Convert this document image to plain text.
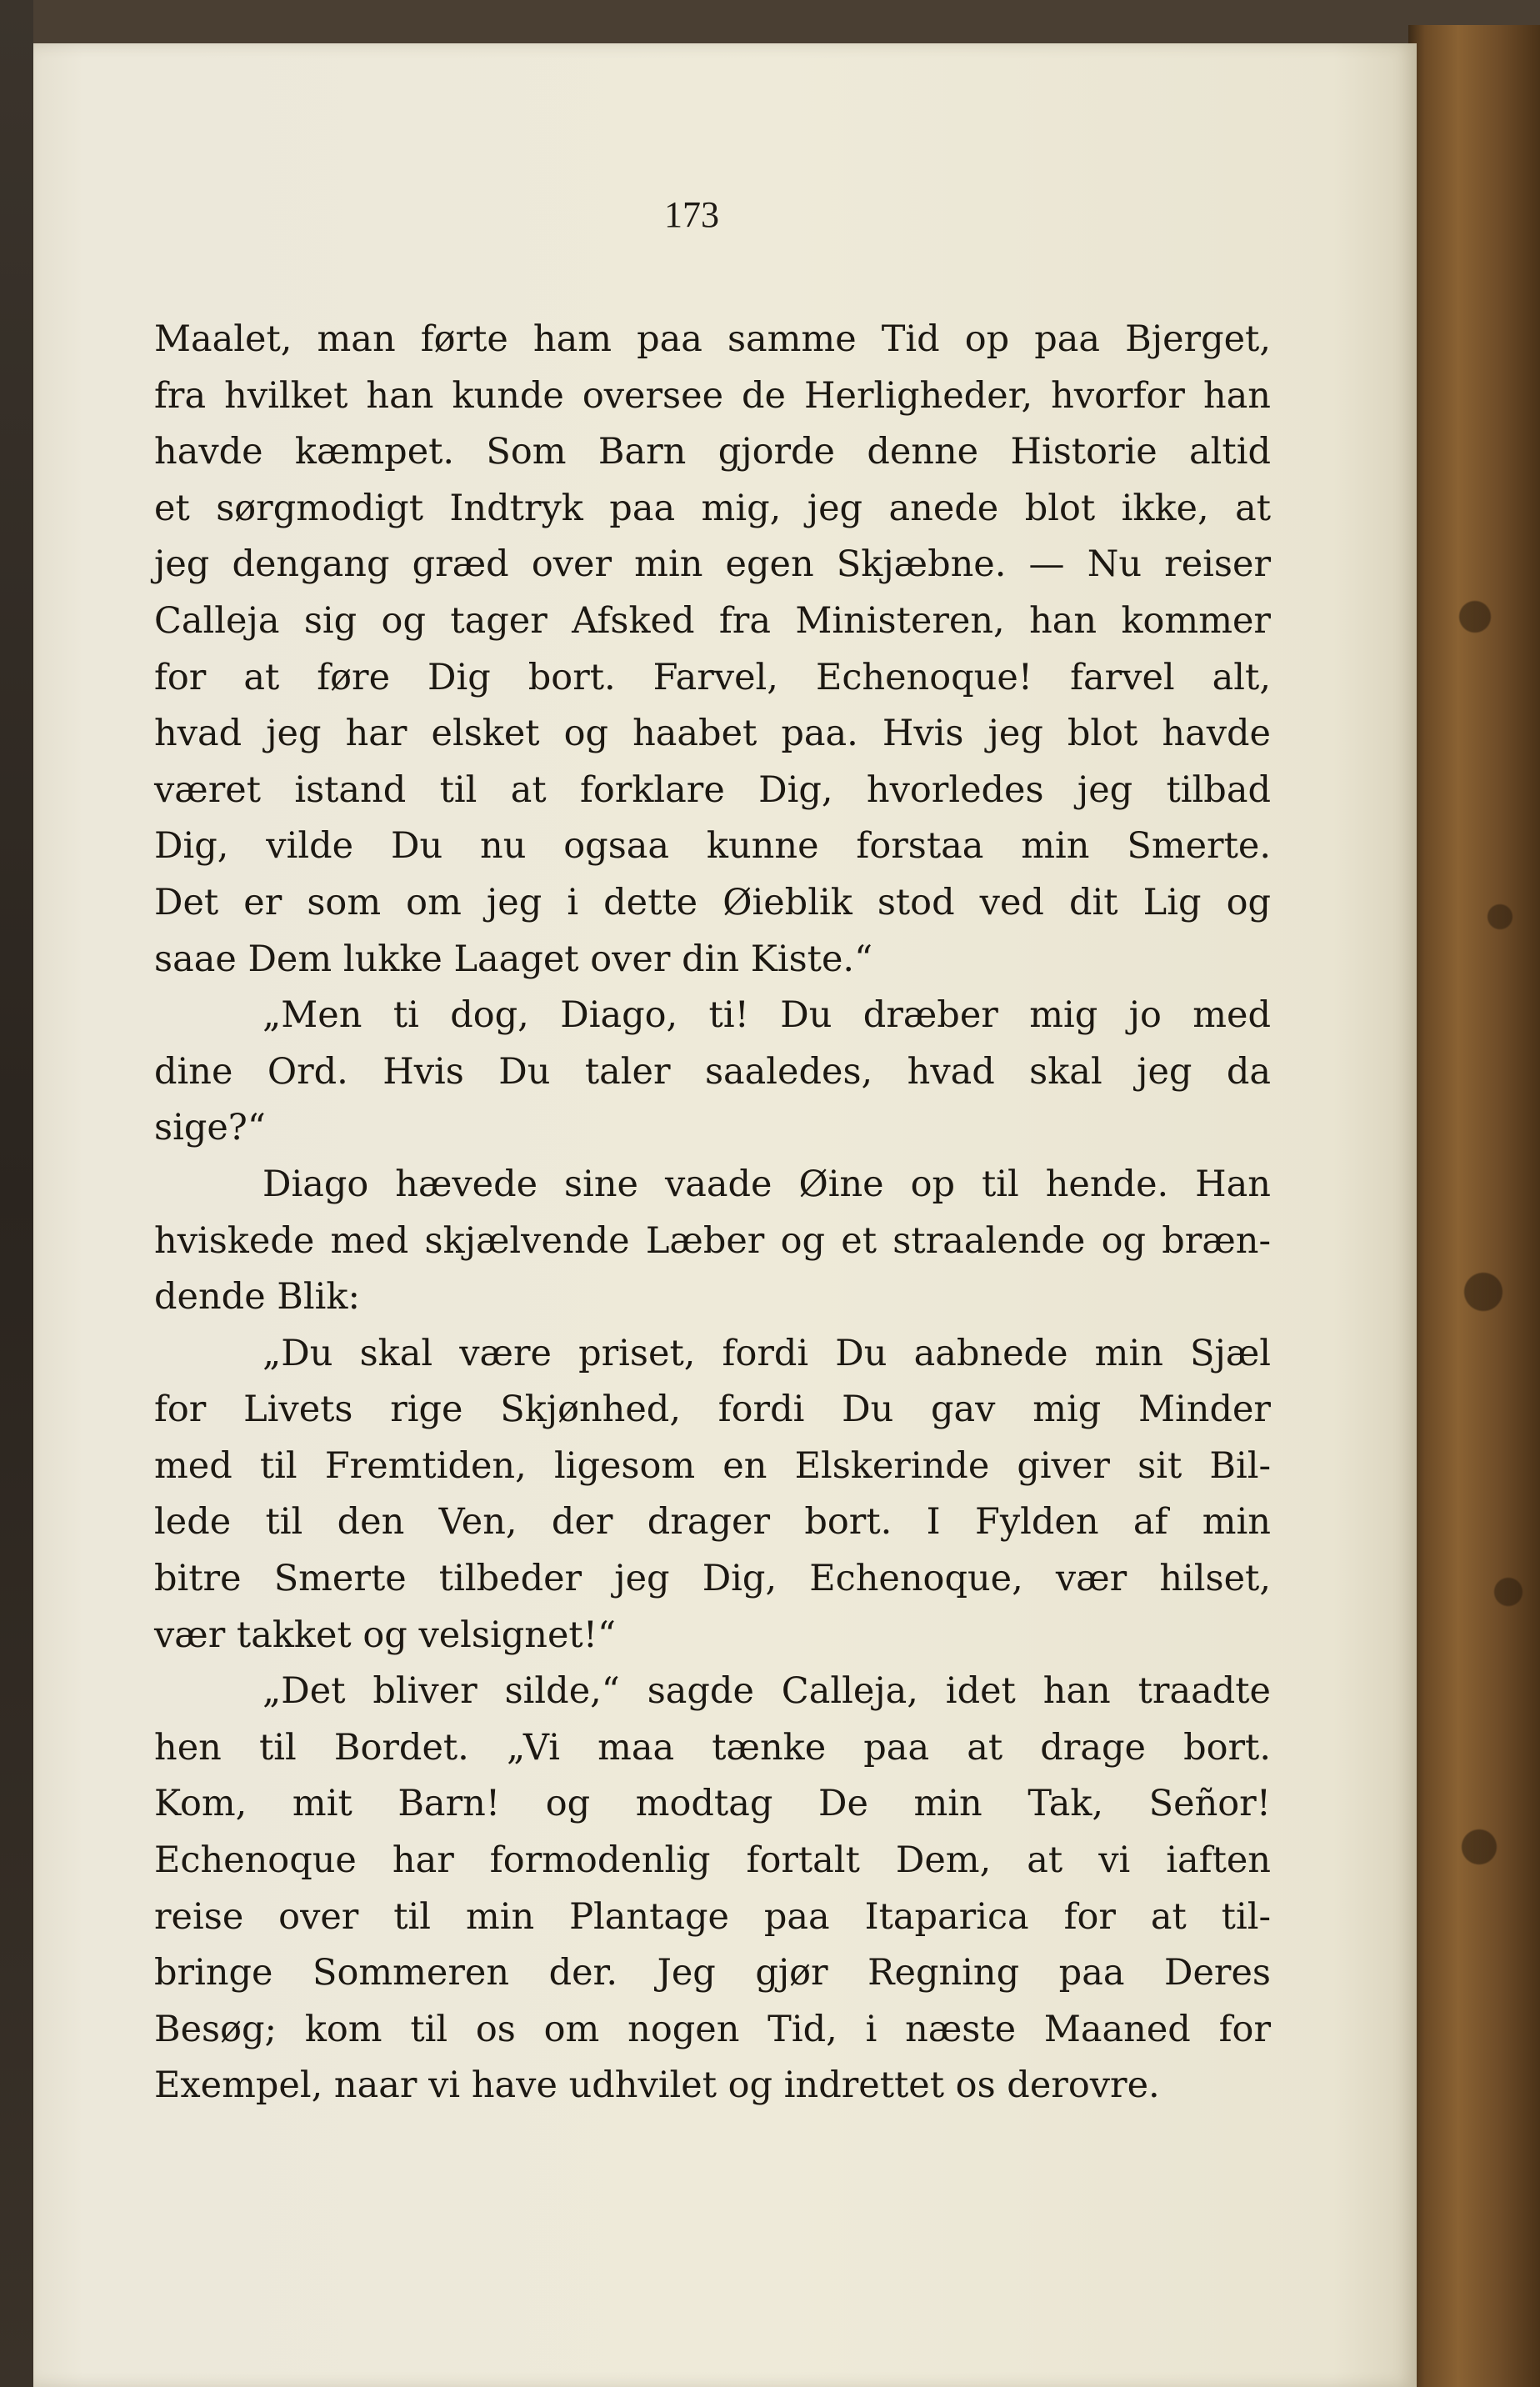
173
Maalet, man førte ham paa samme Tid op paa Bjerget,
fra hvilket han kunde oversee de Herligheder, hvorfor han
havde kæmpet. Som Barn gjorde denne Historie altid
et sørgmodigt Indtryk paa mig, jeg anede blot ikke, at
jeg dengang græd over min egen Skjæbne. — Nu reiser
Calleja sig og tager Afsked fra Ministeren, han kommer
for at føre Dig bort. Farvel, Echenoque! farvel alt,
hvad jeg har elsket og haabet paa. Hvis jeg blot havde
været istand til at forklare Dig, hvorledes jeg tilbad
Dig, vilde Du nu ogsaa kunne forstaa min Smerte.
Det er som om jeg i dette Øieblik stod ved dit Lig og
saae Dem lukke Laaget over din Kiste.“
„Men ti dog, Diago, ti! Du dræber mig jo med
dine Ord. Hvis Du taler saaledes, hvad skal jeg da
sige?“
Diago hævede sine vaade Øine op til hende. Han
hviskede med skjælvende Læber og et straalende og bræn-
dende Blik:
„Du skal være priset, fordi Du aabnede min Sjæl
for Livets rige Skjønhed, fordi Du gav mig Minder
med til Fremtiden, ligesom en Elskerinde giver sit Bil-
lede til den Ven, der drager bort. I Fylden af min
bitre Smerte tilbeder jeg Dig, Echenoque, vær hilset,
vær takket og velsignet!“
„Det bliver silde,“ sagde Calleja, idet han traadte
hen til Bordet. „Vi maa tænke paa at drage bort.
Kom, mit Barn! og modtag De min Tak, Señor!
Echenoque har formodenlig fortalt Dem, at vi iaften
reise over til min Plantage paa Itaparica for at til-
bringe Sommeren der. Jeg gjør Regning paa Deres
Besøg; kom til os om nogen Tid, i næste Maaned for
Exempel, naar vi have udhvilet og indrettet os derovre.
